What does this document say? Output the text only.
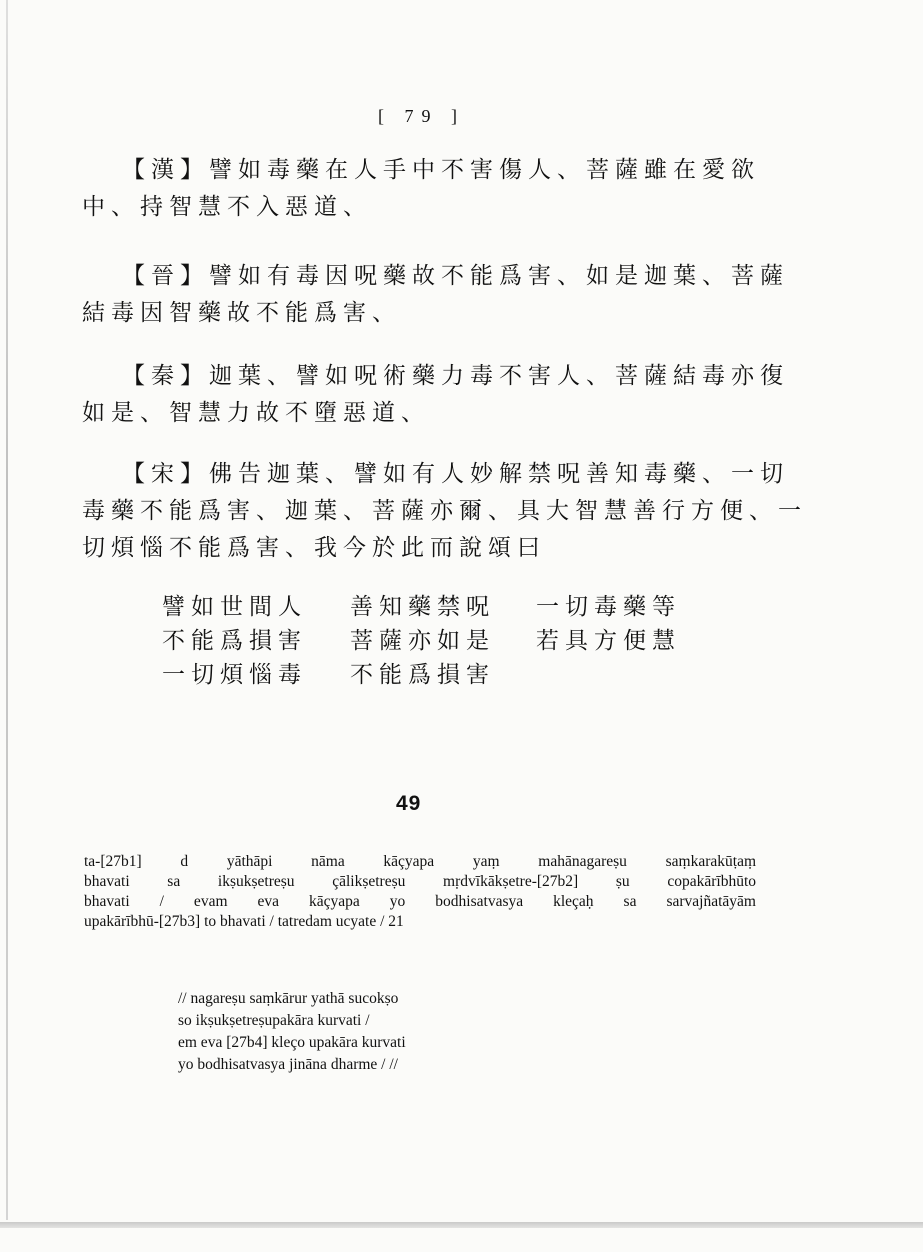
[ 79 ]
【漢】譬如毒藥在人手中不害傷人、菩薩雖在愛欲
中、持智慧不入惡道、
【晉】譬如有毒因呪藥故不能爲害、如是迦葉、菩薩
結毒因智藥故不能爲害、
【秦】迦葉、譬如呪術藥力毒不害人、菩薩結毒亦復
如是、智慧力故不墮惡道、
【宋】佛告迦葉、譬如有人妙解禁呪善知毒藥、一切
毒藥不能爲害、迦葉、菩薩亦爾、具大智慧善行方便、一
切煩惱不能爲害、我今於此而說頌曰
譬如世間人	善知藥禁呪	一切毒藥等
不能爲損害	菩薩亦如是	若具方便慧
一切煩惱毒	不能爲損害
49
ta-[27b1] d yāthāpi nāma kāçyapa yaṃ mahānagareṣu saṃkarakūṭaṃ
bhavati sa ikṣukṣetreṣu çālikṣetreṣu mṛdvīkākṣetre-[27b2] ṣu copakārībhūto
bhavati / evam eva kāçyapa yo bodhisatvasya kleçaḥ sa sarvajñatāyām
upakārībhū-[27b3] to bhavati / tatredam ucyate / 21
// nagareṣu saṃkārur yathā sucokṣo
so ikṣukṣetreṣupakāra kurvati /
em eva [27b4] kleço upakāra kurvati
yo bodhisatvasya jināna dharme / //
